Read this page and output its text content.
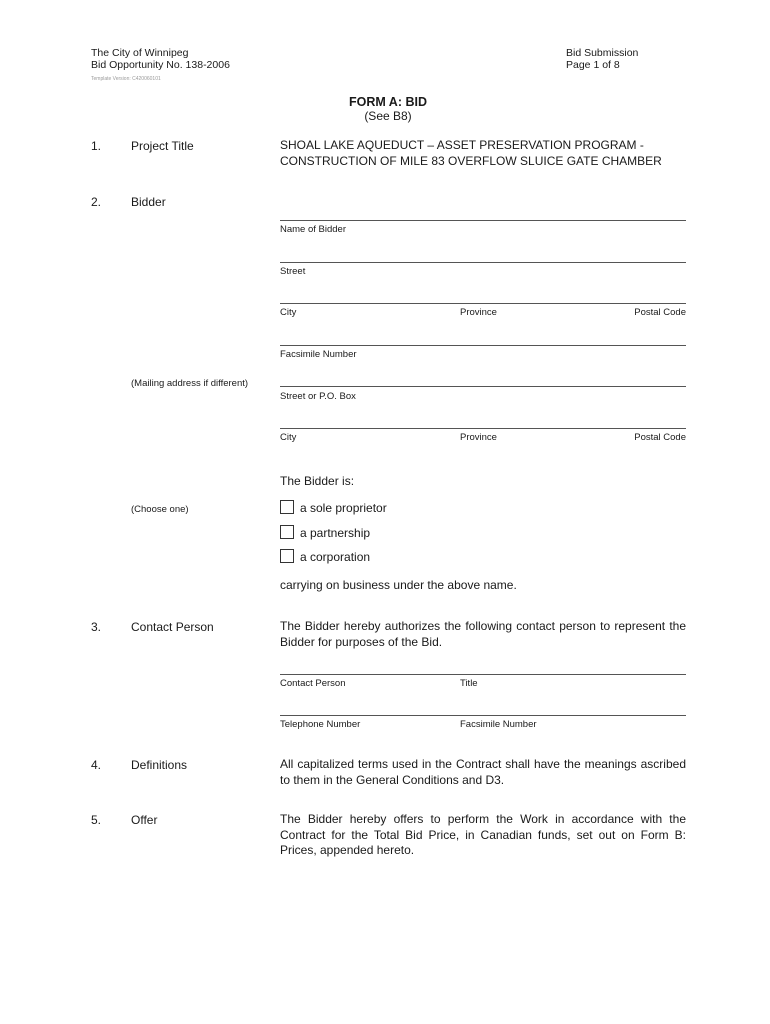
The City of Winnipeg
Bid Opportunity No. 138-2006
Template Version: C420060101
Bid Submission
Page 1 of 8
FORM A: BID
(See B8)
1. Project Title	SHOAL LAKE AQUEDUCT – ASSET PRESERVATION PROGRAM -
CONSTRUCTION OF MILE 83 OVERFLOW SLUICE GATE CHAMBER
2. Bidder
Name of Bidder
Street
City	Province	Postal Code
Facsimile Number
(Mailing address if different)
Street or P.O. Box
City	Province	Postal Code
The Bidder is:
(Choose one)	a sole proprietor
a partnership
a corporation
carrying on business under the above name.
3. Contact Person	The Bidder hereby authorizes the following contact person to represent the Bidder for purposes of the Bid.
Contact Person	Title
Telephone Number	Facsimile Number
4. Definitions	All capitalized terms used in the Contract shall have the meanings ascribed to them in the General Conditions and D3.
5. Offer	The Bidder hereby offers to perform the Work in accordance with the Contract for the Total Bid Price, in Canadian funds, set out on Form B: Prices, appended hereto.
